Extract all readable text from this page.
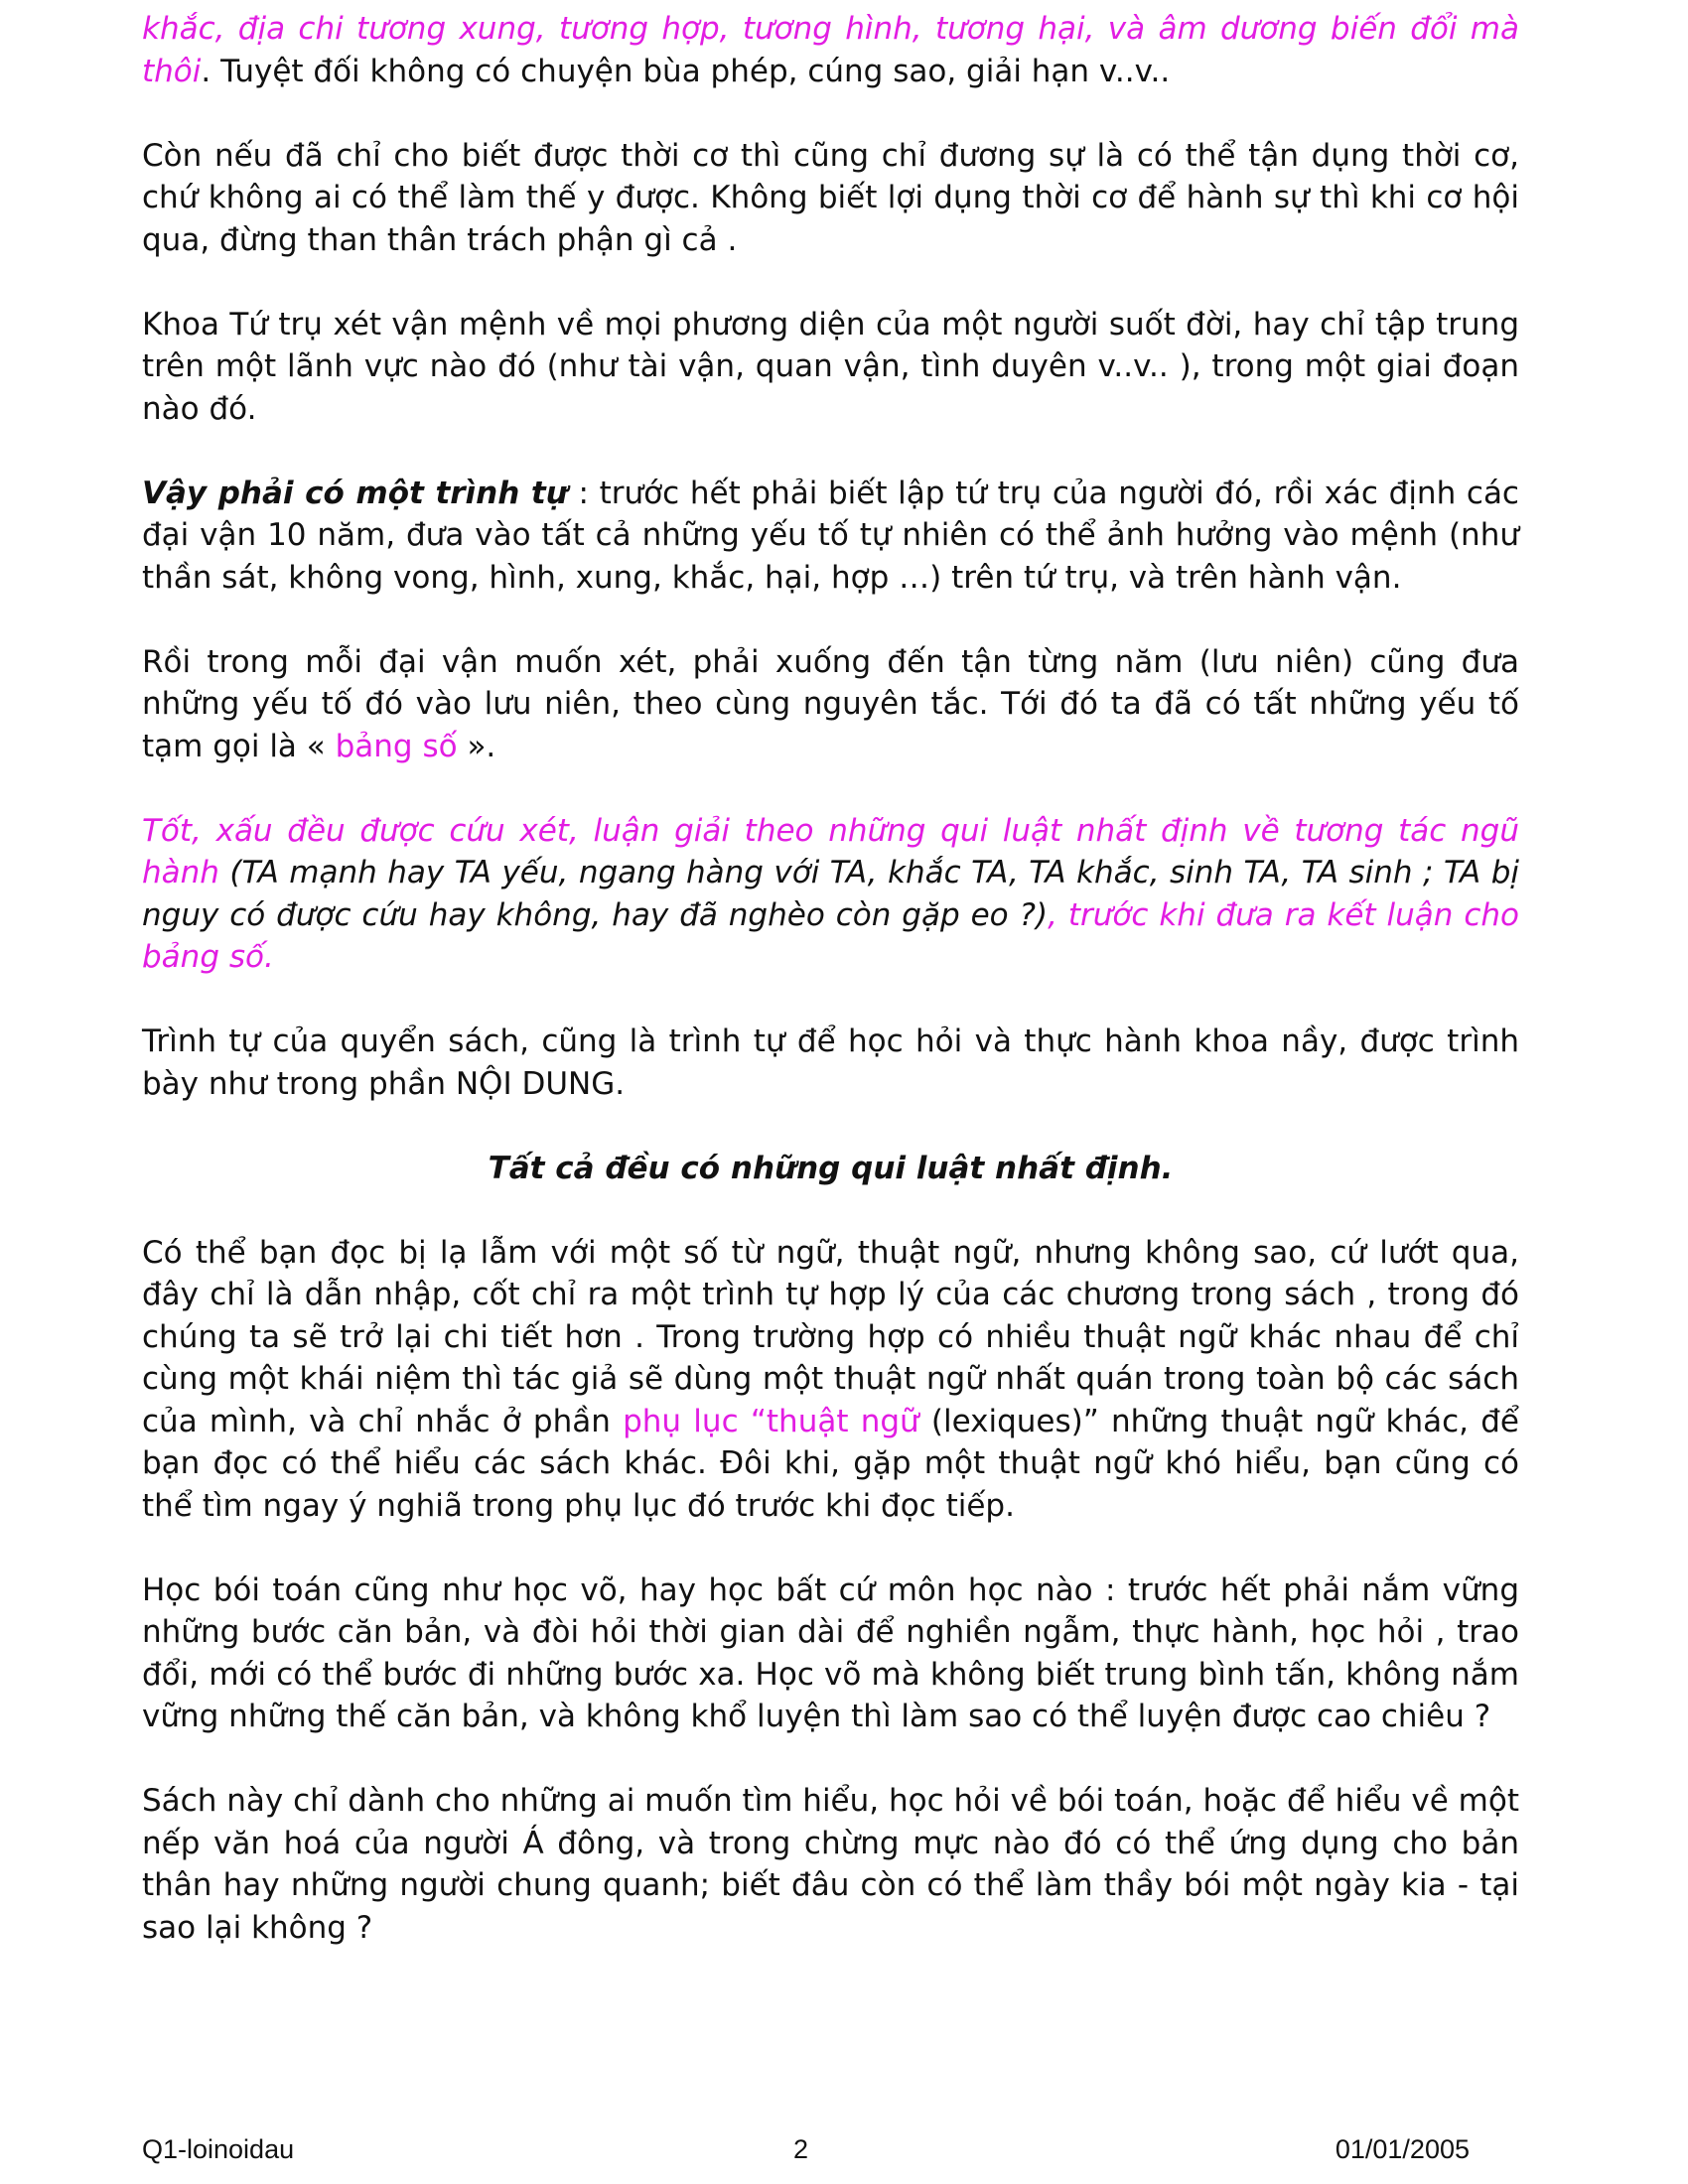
khắc, địa chi tương xung, tương hợp, tương hình, tương hại, và âm dương biến đổi mà thôi. Tuyệt đối không có chuyện bùa phép, cúng sao, giải hạn v..v..

Còn nếu đã chỉ cho biết được thời cơ thì cũng chỉ đương sự là có thể tận dụng thời cơ, chứ không ai có thể làm thế y được. Không biết lợi dụng thời cơ để hành sự thì khi cơ hội qua, đừng than thân trách phận gì cả .

Khoa Tứ trụ xét vận mệnh về mọi phương diện của một người suốt đời, hay chỉ tập trung trên một lãnh vực nào đó (như tài vận, quan vận, tình duyên v..v.. ), trong một giai đoạn nào đó.

Vậy phải có một trình tự : trước hết phải biết lập tứ trụ của người đó, rồi xác định các đại vận 10 năm, đưa vào tất cả những yếu tố tự nhiên có thể ảnh hưởng vào mệnh (như thần sát, không vong, hình, xung, khắc, hại, hợp …) trên tứ trụ, và trên hành vận.

Rồi trong mỗi đại vận muốn xét, phải xuống đến tận từng năm (lưu niên) cũng đưa những yếu tố đó vào lưu niên, theo cùng nguyên tắc. Tới đó ta đã có tất những yếu tố tạm gọi là « bảng số ».

Tốt, xấu đều được cứu xét, luận giải theo những qui luật nhất định về tương tác ngũ hành (TA mạnh hay TA yếu, ngang hàng với TA, khắc TA, TA khắc, sinh TA, TA sinh ; TA bị nguy có được cứu hay không, hay đã nghèo còn gặp eo ?), trước khi đưa ra kết luận cho bảng số.

Trình tự của quyển sách, cũng là trình tự để học hỏi và thực hành khoa nầy, được trình bày như trong phần NỘI DUNG.

Tất cả đều có những qui luật nhất định.

Có thể bạn đọc bị lạ lẫm với một số từ ngữ, thuật ngữ, nhưng không sao, cứ lướt qua, đây chỉ là dẫn nhập, cốt chỉ ra một trình tự hợp lý của các chương trong sách , trong đó chúng ta sẽ trở lại chi tiết hơn . Trong trường hợp có nhiều thuật ngữ khác nhau để chỉ cùng một khái niệm thì tác giả sẽ dùng một thuật ngữ nhất quán trong toàn bộ các sách của mình, và chỉ nhắc ở phần phụ lục “thuật ngữ (lexiques)” những thuật ngữ khác, để bạn đọc có thể hiểu các sách khác. Đôi khi, gặp một thuật ngữ khó hiểu, bạn cũng có thể tìm ngay ý nghiã trong phụ lục đó trước khi đọc tiếp.

Học bói toán cũng như học võ, hay học bất cứ môn học nào : trước hết phải nắm vững những bước căn bản, và đòi hỏi thời gian dài để nghiền ngẫm, thực hành, học hỏi , trao đổi, mới có thể bước đi những bước xa. Học võ mà không biết trung bình tấn, không nắm vững những thế căn bản, và không khổ luyện thì làm sao có thể luyện được cao chiêu ?

Sách này chỉ dành cho những ai muốn tìm hiểu, học hỏi về bói toán, hoặc để hiểu về một nếp văn hoá của người Á đông, và trong chừng mực nào đó có thể ứng dụng cho bản thân hay những người chung quanh; biết đâu còn có thể làm thầy bói một ngày kia - tại sao lại không ?

Q1-loinoidau	2	01/01/2005
